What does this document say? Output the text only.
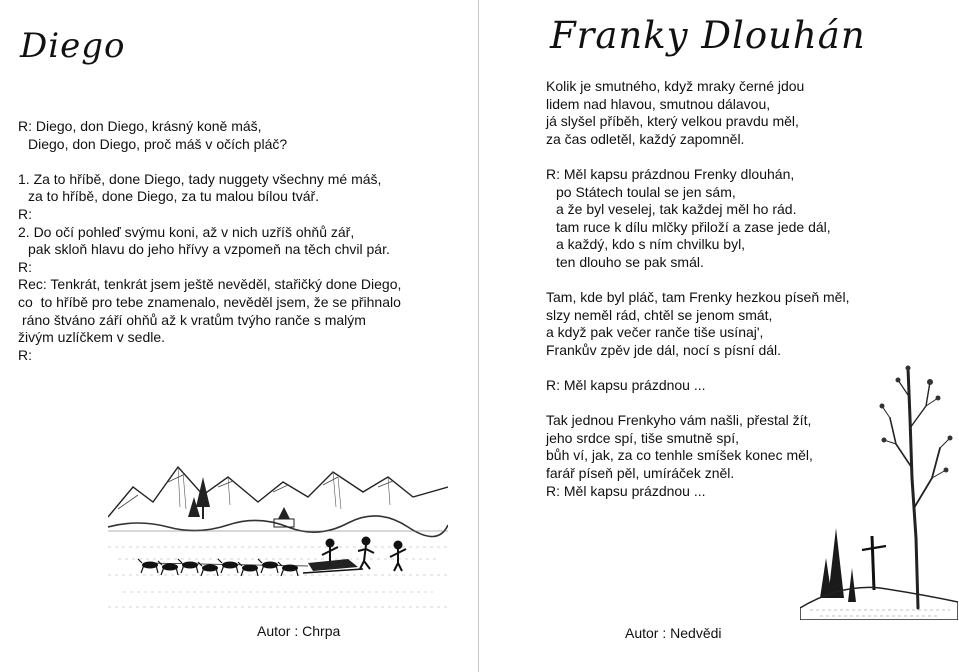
Diego
R: Diego, don Diego, krásný koně máš,
Diego, don Diego, proč máš v očích pláč?

1. Za to hříbě, done Diego, tady nuggety všechny mé máš,
za to hříbě, done Diego, za tu malou bílou tvář.
R:
2. Do očí pohleď svýmu koni, až v nich uzříš ohňů zář,
pak skloň hlavu do jeho hřívy a vzpomeň na těch chvil pár.
R:
Rec: Tenkrát, tenkrát jsem ještě nevěděl, stařičký done Diego,
co  to hříbě pro tebe znamenalo, nevěděl jsem, že se přihnalo
ráno štváno září ohňů až k vratům tvýho ranče s malým
živým uzlíčkem v sedle.
R:
Autor : Chrpa
Franky Dlouhán
Kolik je smutného, když mraky černé jdou
lidem nad hlavou, smutnou dálavou,
já slyšel příběh, který velkou pravdu měl,
za čas odletěl, každý zapomněl.

R: Měl kapsu prázdnou Frenky dlouhán,
po Státech toulal se jen sám,
a že byl veselej, tak každej měl ho rád.
tam ruce k dílu mlčky přiloží a zase jede dál,
a každý, kdo s ním chvilku byl,
ten dlouho se pak smál.

Tam, kde byl pláč, tam Frenky hezkou píseň měl,
slzy neměl rád, chtěl se jenom smát,
a když pak večer ranče tiše usínaj',
Frankův zpěv jde dál, nocí s písní dál.

R: Měl kapsu prázdnou ...

Tak jednou Frenkyho vám našli, přestal žít,
jeho srdce spí, tiše smutně spí,
bůh ví, jak, za co tenhle smíšek konec měl,
farář píseň pěl, umíráček zněl.
R: Měl kapsu prázdnou ...
Autor : Nedvědi
